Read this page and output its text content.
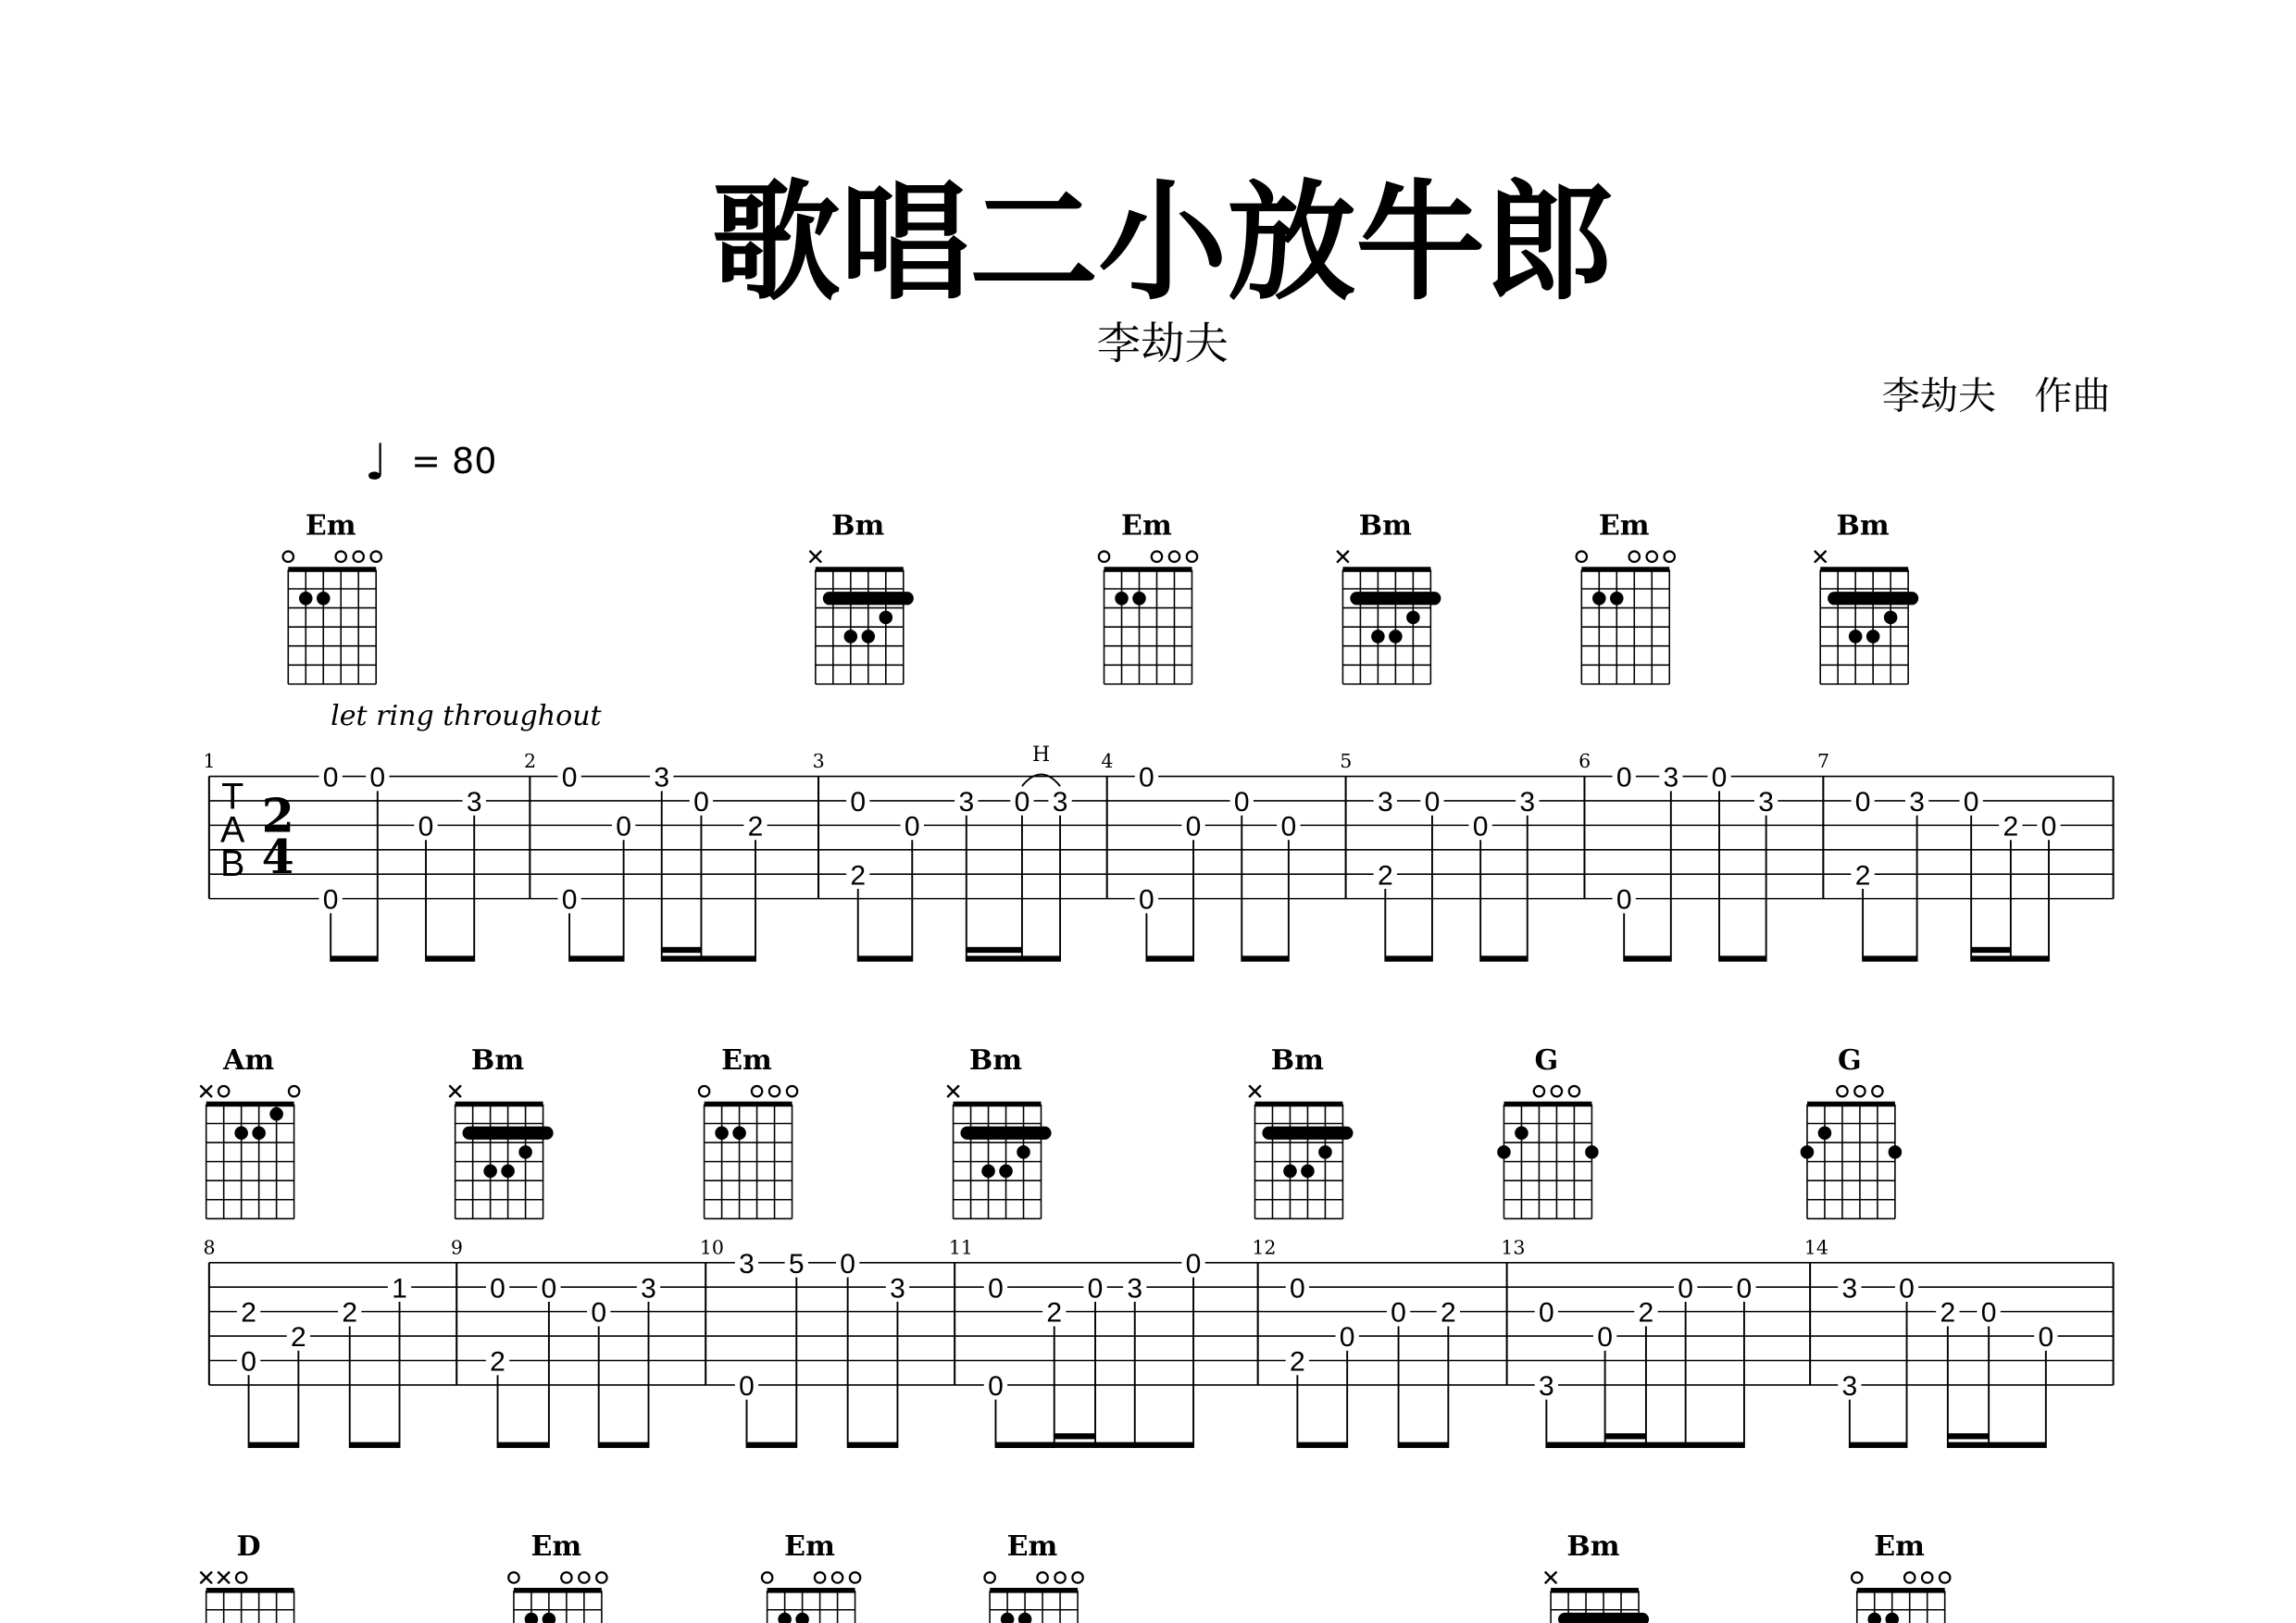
歌唱二小放牛郎
李劫夫
李劫夫　作曲
♩ = 80
let ring throughout
Em	Bm	Em	Bm	Em	Bm
T
A
B
2
4
1
0
0
0
0
3
2
0
0
0
3
0
2
3
0
2
0
3 0 3
4
0
0
0
0
0
5
3
2
0
0
3
6
0
0
3 0
3
7
0
2
3 0
2 0
H
Am	Bm	Em	Bm	Bm	G	G
8
2
0
2
2
1
9
0
2
0
0
3
10
3
0
5 0
3
11
0
0
2
0 3
0
12
0
2
0
0 2
13
0
3
0
2
0 0
14
3
3
0
2 0
0
D	Em	Em	Em	Bm	Em
